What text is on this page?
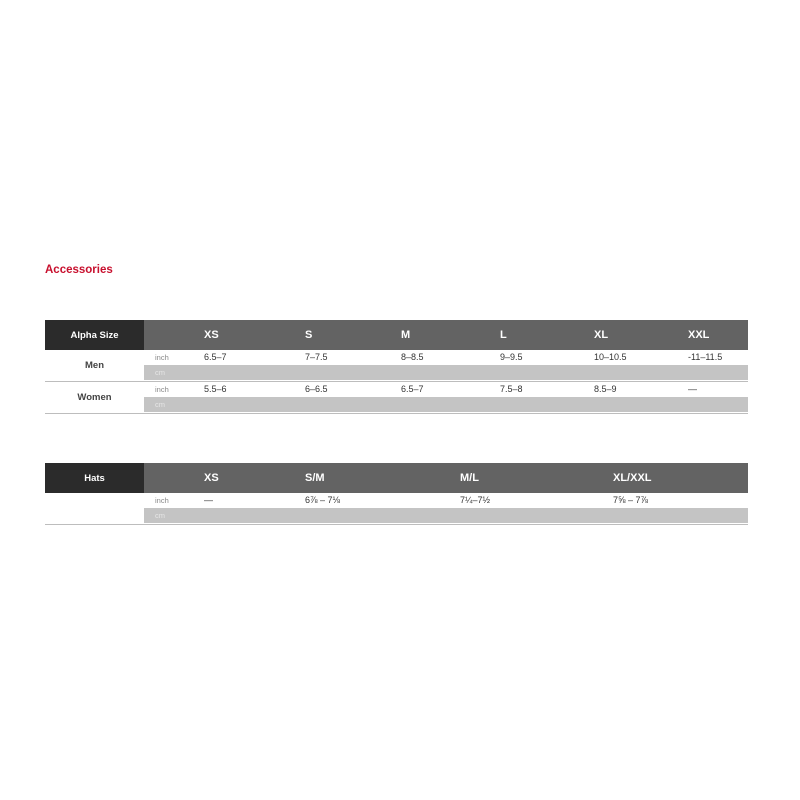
Accessories
Alpha Size	XS	S	M	L	XL	XXL
Men
inch	6.5–7	7–7.5	8–8.5	9–9.5	10–10.5	-11–11.5
cm
Women
inch	5.5–6	6–6.5	6.5–7	7.5–8	8.5–9	—
cm
Hats	XS	S/M	M/L	XL/XXL
inch	—	6⅞ – 7⅛	7¼–7½	7⅝ – 7⅞
cm
